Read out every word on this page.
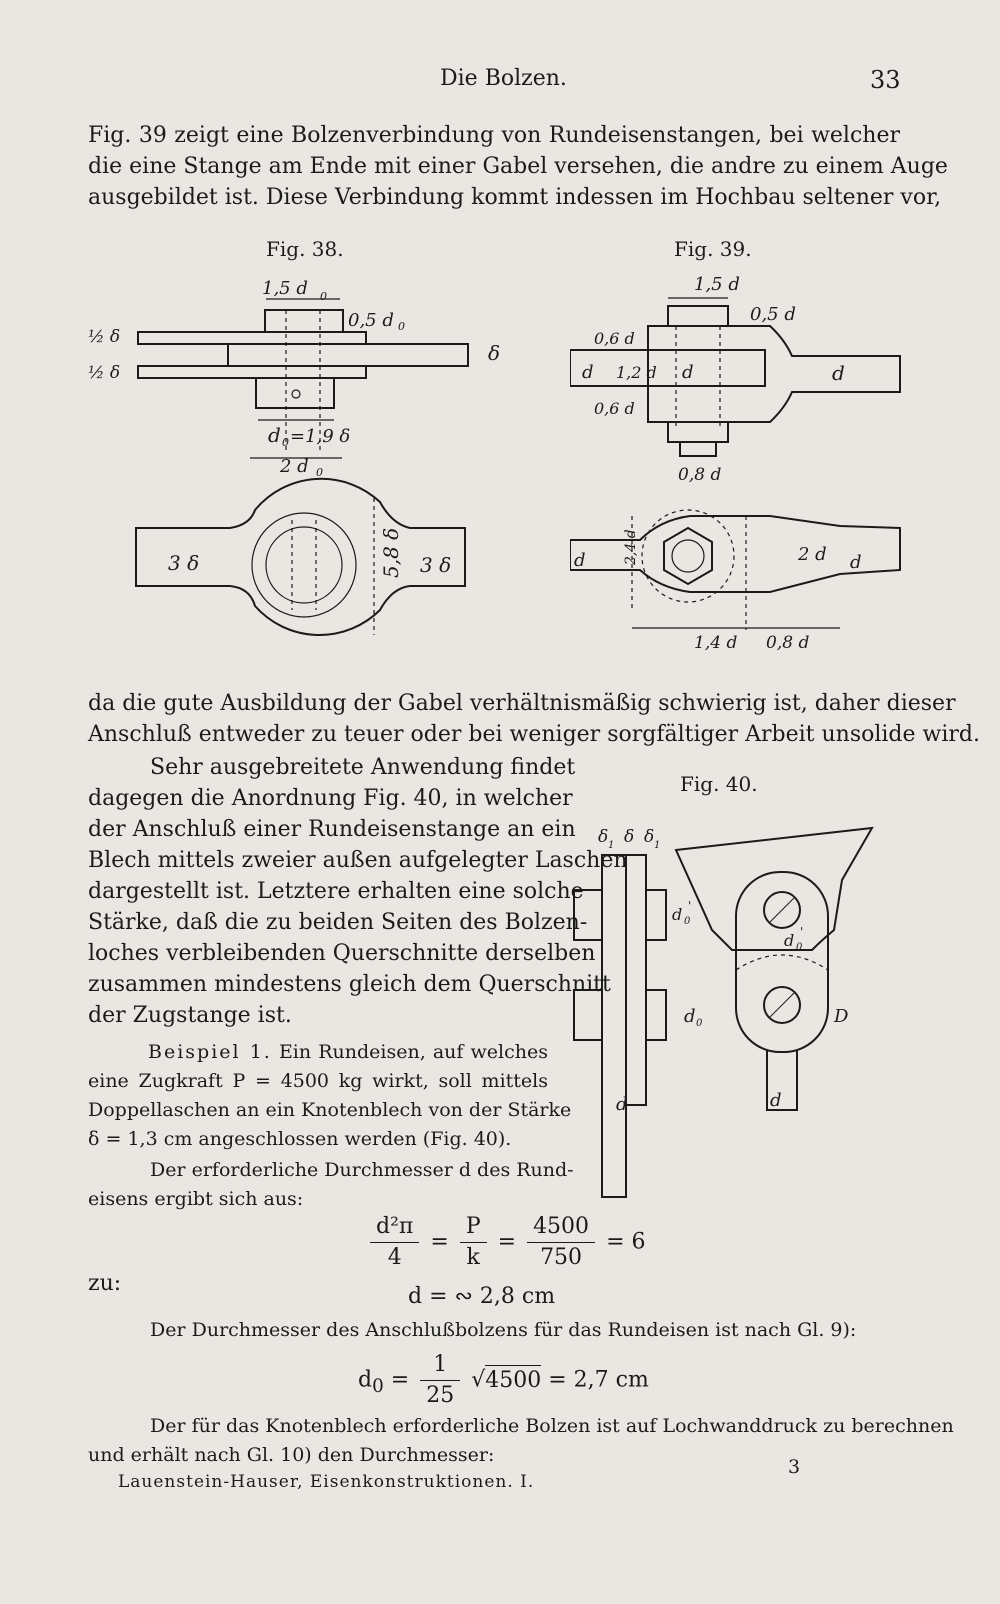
Die Bolzen.	33
Fig. 39 zeigt eine Bolzenverbindung von Rundeisenstangen, bei welcher
die eine Stange am Ende mit einer Gabel versehen, die andre zu einem Auge
ausgebildet ist. Diese Verbindung kommt indessen im Hochbau seltener vor,
Fig. 38.
1,5 d 0
0,5 d 0
½ δ
½ δ
δ
d 0 =1,9 δ
2 d 0
3 δ	5,8 δ 3 δ
Fig. 39.
1,5 d
0,5 d
0,6 d
d 1,2 d d	d
0,6 d
0,8 d
d	2,4 d	2 d d
1,4 d 0,8 d
da die gute Ausbildung der Gabel verhältnismäßig schwierig ist, daher dieser
Anschluß entweder zu teuer oder bei weniger sorgfältiger Arbeit unsolide wird.
Fig. 40.
δ δ δ
1	1
d 0
'
d 0
'
d 0	D
d	d
Sehr ausgebreitete Anwendung findet
dagegen die Anordnung Fig. 40, in welcher
der Anschluß einer Rundeisenstange an ein
Blech mittels zweier außen aufgelegter Laschen
dargestellt ist. Letztere erhalten eine solche
Stärke, daß die zu beiden Seiten des Bolzen-
loches verbleibenden Querschnitte derselben
zusammen mindestens gleich dem Querschnitt
der Zugstange ist.
Beispiel 1. Ein Rundeisen, auf welches
eine Zugkraft P = 4500 kg wirkt, soll mittels
Doppellaschen an ein Knotenblech von der Stärke
δ = 1,3 cm angeschlossen werden (Fig. 40).
Der erforderliche Durchmesser d des Rund-
eisens ergibt sich aus:
$\frac{\text{d²π}}{4} = \frac{P}{k} = \frac{4500}{750} = 6$
zu:
d = ∾ 2,8 cm
Der Durchmesser des Anschlußbolzens für das Rundeisen ist nach Gl. 9):
$d_0 = \frac{1}{25} √4500 = 2,7$ cm
Der für das Knotenblech erforderliche Bolzen ist auf Lochwanddruck zu berechnen
und erhält nach Gl. 10) den Durchmesser:
Lauenstein-Hauser, Eisenkonstruktionen. I.
3
